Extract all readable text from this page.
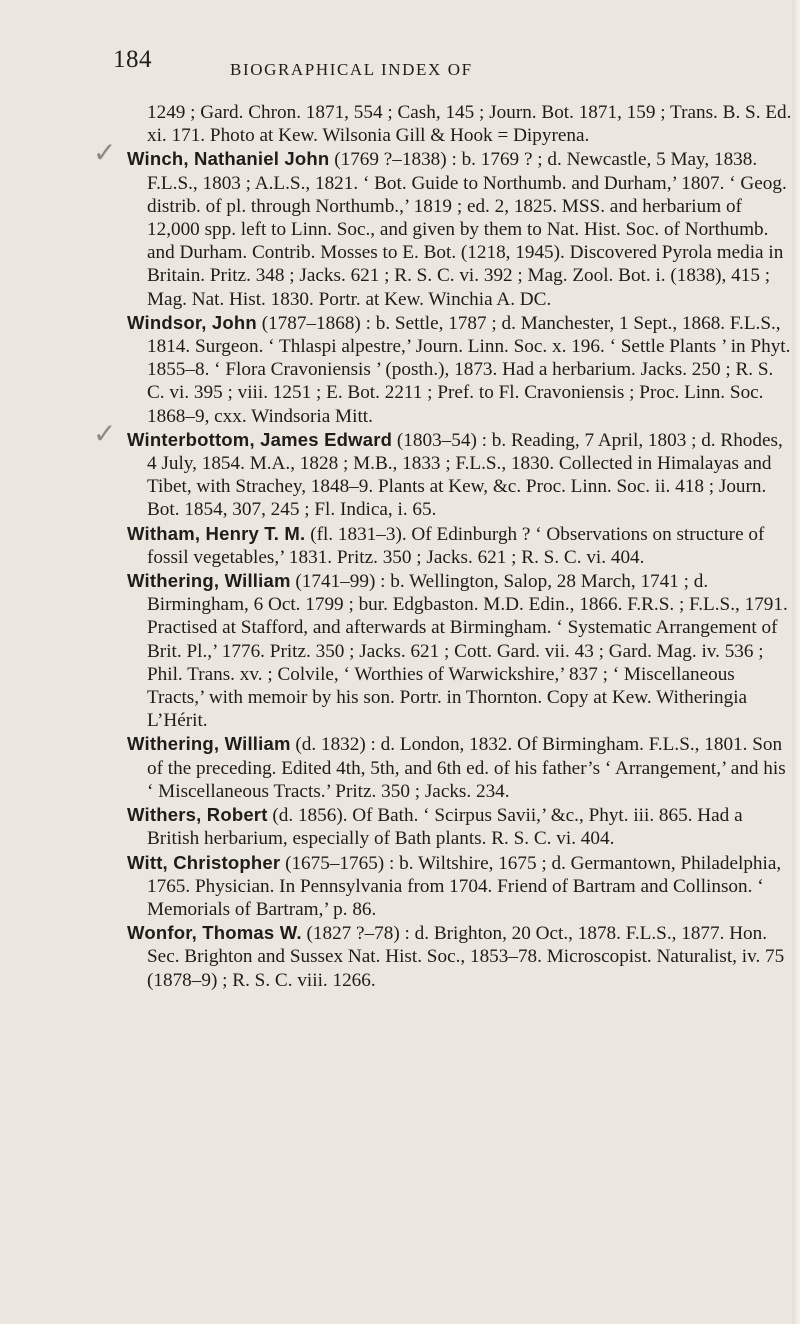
184	BIOGRAPHICAL INDEX OF

1249 ; Gard. Chron. 1871, 554 ; Cash, 145 ; Journ. Bot. 1871, 159 ; Trans. B. S. Ed. xi. 171. Photo at Kew. Wilsonia Gill & Hook = Dipyrena.

✓ Winch, Nathaniel John (1769 ?–1838) : b. 1769 ? ; d. Newcastle, 5 May, 1838. F.L.S., 1803 ; A.L.S., 1821. ‘ Bot. Guide to Northumb. and Durham,’ 1807. ‘ Geog. distrib. of pl. through Northumb.,’ 1819 ; ed. 2, 1825. MSS. and herbarium of 12,000 spp. left to Linn. Soc., and given by them to Nat. Hist. Soc. of Northumb. and Durham. Contrib. Mosses to E. Bot. (1218, 1945). Discovered Pyrola media in Britain. Pritz. 348 ; Jacks. 621 ; R. S. C. vi. 392 ; Mag. Zool. Bot. i. (1838), 415 ; Mag. Nat. Hist. 1830. Portr. at Kew. Winchia A. DC.

Windsor, John (1787–1868) : b. Settle, 1787 ; d. Manchester, 1 Sept., 1868. F.L.S., 1814. Surgeon. ‘ Thlaspi alpestre,’ Journ. Linn. Soc. x. 196. ‘ Settle Plants ’ in Phyt. 1855–8. ‘ Flora Cravoniensis ’ (posth.), 1873. Had a herbarium. Jacks. 250 ; R. S. C. vi. 395 ; viii. 1251 ; E. Bot. 2211 ; Pref. to Fl. Cravoniensis ; Proc. Linn. Soc. 1868–9, cxx. Windsoria Mitt.

✓ Winterbottom, James Edward (1803–54) : b. Reading, 7 April, 1803 ; d. Rhodes, 4 July, 1854. M.A., 1828 ; M.B., 1833 ; F.L.S., 1830. Collected in Himalayas and Tibet, with Strachey, 1848–9. Plants at Kew, &c. Proc. Linn. Soc. ii. 418 ; Journ. Bot. 1854, 307, 245 ; Fl. Indica, i. 65.

Witham, Henry T. M. (fl. 1831–3). Of Edinburgh ? ‘ Observations on structure of fossil vegetables,’ 1831. Pritz. 350 ; Jacks. 621 ; R. S. C. vi. 404.

Withering, William (1741–99) : b. Wellington, Salop, 28 March, 1741 ; d. Birmingham, 6 Oct. 1799 ; bur. Edgbaston. M.D. Edin., 1866. F.R.S. ; F.L.S., 1791. Practised at Stafford, and afterwards at Birmingham. ‘ Systematic Arrangement of Brit. Pl.,’ 1776. Pritz. 350 ; Jacks. 621 ; Cott. Gard. vii. 43 ; Gard. Mag. iv. 536 ; Phil. Trans. xv. ; Colvile, ‘ Worthies of Warwickshire,’ 837 ; ‘ Miscellaneous Tracts,’ with memoir by his son. Portr. in Thornton. Copy at Kew. Witheringia L’Hérit.

Withering, William (d. 1832) : d. London, 1832. Of Birmingham. F.L.S., 1801. Son of the preceding. Edited 4th, 5th, and 6th ed. of his father’s ‘ Arrangement,’ and his ‘ Miscellaneous Tracts.’ Pritz. 350 ; Jacks. 234.

Withers, Robert (d. 1856). Of Bath. ‘ Scirpus Savii,’ &c., Phyt. iii. 865. Had a British herbarium, especially of Bath plants. R. S. C. vi. 404.

Witt, Christopher (1675–1765) : b. Wiltshire, 1675 ; d. Germantown, Philadelphia, 1765. Physician. In Pennsylvania from 1704. Friend of Bartram and Collinson. ‘ Memorials of Bartram,’ p. 86.

Wonfor, Thomas W. (1827 ?–78) : d. Brighton, 20 Oct., 1878. F.L.S., 1877. Hon. Sec. Brighton and Sussex Nat. Hist. Soc., 1853–78. Microscopist. Naturalist, iv. 75 (1878–9) ; R. S. C. viii. 1266.
